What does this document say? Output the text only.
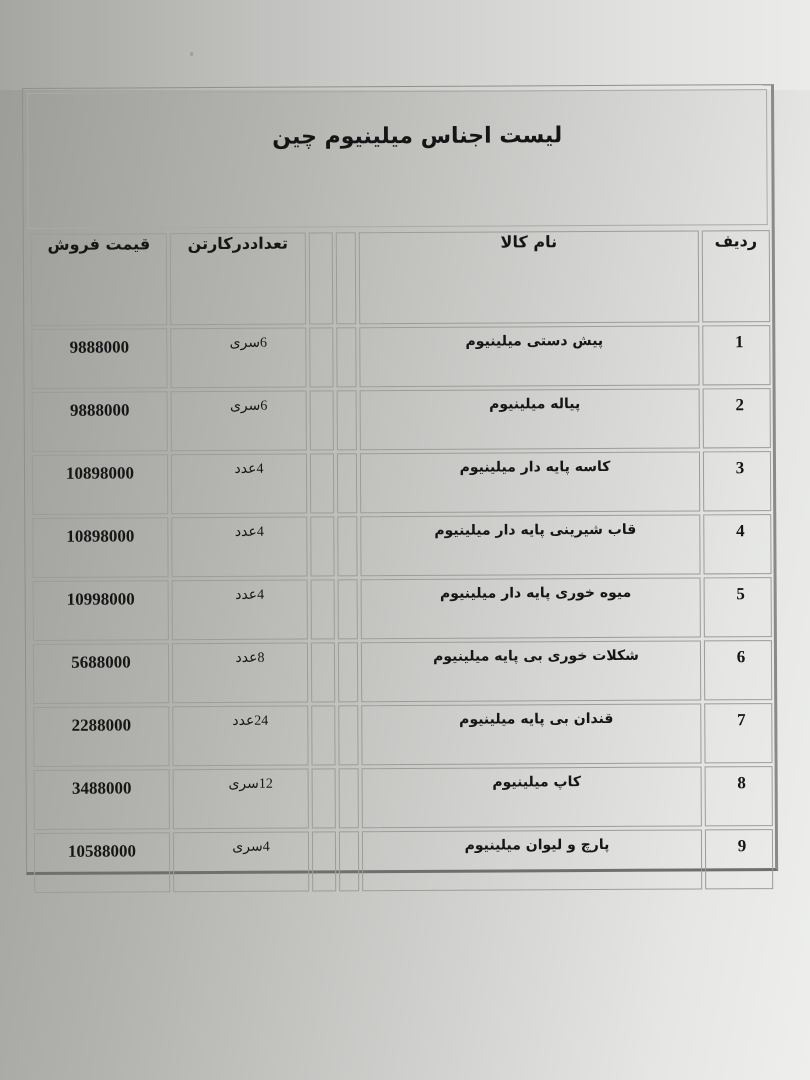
لیست اجناس میلینیوم چین
قیمت فروش	تعداددرکارتن			نام کالا	ردیف

9888000	6سری			پیش دستی میلینیوم	1

9888000	6سری			پیاله میلینیوم	2

10898000	4عدد			کاسه پایه دار میلینیوم	3

10898000	4عدد			قاب شیرینی پایه دار میلینیوم	4

10998000	4عدد			میوه خوری پایه دار میلینیوم	5

5688000	8عدد			شکلات خوری بی پایه میلینیوم	6

2288000	24عدد			قندان بی پایه میلینیوم	7

3488000	12سری			کاپ میلینیوم	8

10588000	4سری			پارچ و لیوان میلینیوم	9
